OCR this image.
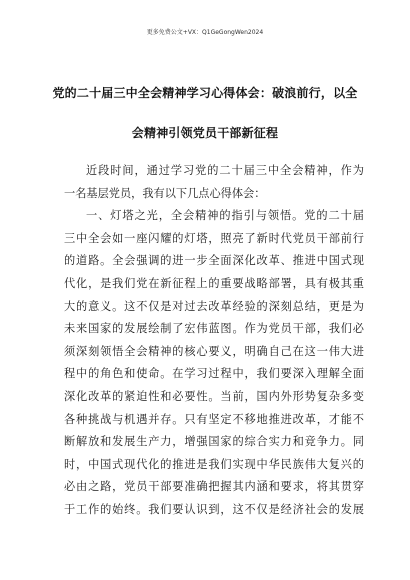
更多免费公文+VX：Q1GeGongWen2024
党的二十届三中全会精神学习心得体会：破浪前行，以全
会精神引领党员干部新征程
近段时间，通过学习党的二十届三中全会精神，作为
一名基层党员，我有以下几点心得体会：
一、灯塔之光，全会精神的指引与领悟。党的二十届
三中全会如一座闪耀的灯塔，照亮了新时代党员干部前行
的道路。全会强调的进一步全面深化改革、推进中国式现
代化，是我们党在新征程上的重要战略部署，具有极其重
大的意义。这不仅是对过去改革经验的深刻总结，更是为
未来国家的发展绘制了宏伟蓝图。作为党员干部，我们必
须深刻领悟全会精神的核心要义，明确自己在这一伟大进
程中的角色和使命。在学习过程中，我们要深入理解全面
深化改革的紧迫性和必要性。当前，国内外形势复杂多变
各种挑战与机遇并存。只有坚定不移地推进改革，才能不
断解放和发展生产力，增强国家的综合实力和竞争力。同
时，中国式现代化的推进是我们实现中华民族伟大复兴的
必由之路，党员干部要准确把握其内涵和要求，将其贯穿
于工作的始终。我们要认识到，这不仅是经济社会的发展
